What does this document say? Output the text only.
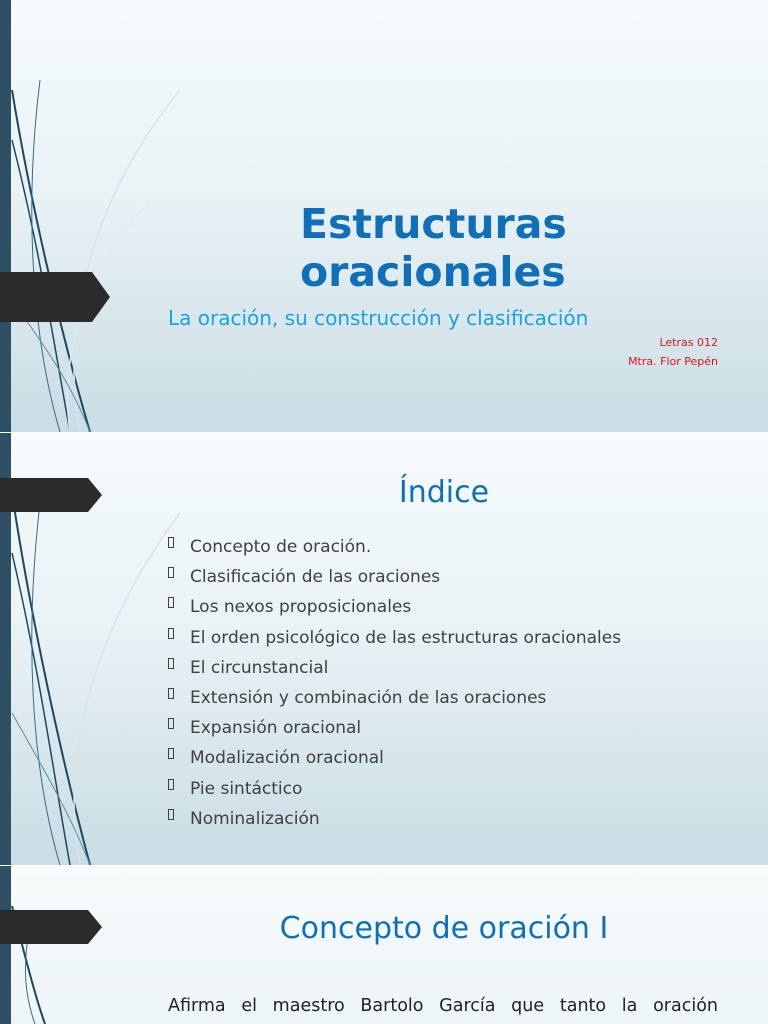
Estructuras oracionales
La oración, su construcción y clasificación
Letras 012
Mtra. Flor Pepén
Índice
Concepto de oración.
Clasificación de las oraciones
Los nexos proposicionales
El orden psicológico de las estructuras oracionales
El circunstancial
Extensión y combinación de las oraciones
Expansión oracional
Modalización oracional
Pie sintáctico
Nominalización
Concepto de oración I
Afirma el maestro Bartolo García que tanto la oración
